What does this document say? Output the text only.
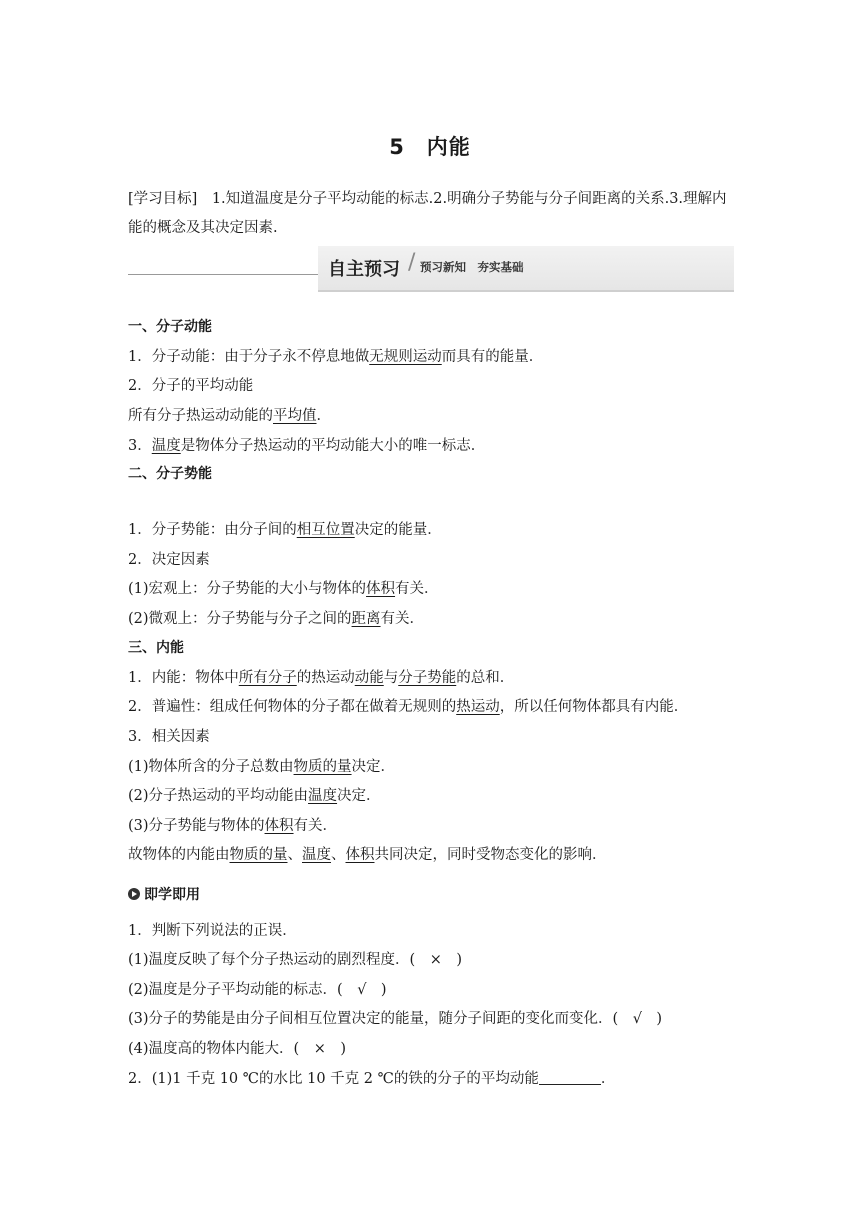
5　内能
[学习目标]　1.知道温度是分子平均动能的标志.2.明确分子势能与分子间距离的关系.3.理解内能的概念及其决定因素.
自主预习 / 预习新知　夯实基础
一、分子动能
1．分子动能：由于分子永不停息地做无规则运动而具有的能量．
2．分子的平均动能
所有分子热运动动能的平均值．
3．温度是物体分子热运动的平均动能大小的唯一标志．
二、分子势能
1．分子势能：由分子间的相互位置决定的能量．
2．决定因素
(1)宏观上：分子势能的大小与物体的体积有关．
(2)微观上：分子势能与分子之间的距离有关．
三、内能
1．内能：物体中所有分子的热运动动能与分子势能的总和．
2．普遍性：组成任何物体的分子都在做着无规则的热运动，所以任何物体都具有内能．
3．相关因素
(1)物体所含的分子总数由物质的量决定．
(2)分子热运动的平均动能由温度决定．
(3)分子势能与物体的体积有关．
故物体的内能由物质的量、温度、体积共同决定，同时受物态变化的影响．
即学即用
1．判断下列说法的正误．
(1)温度反映了每个分子热运动的剧烈程度．(　×　)
(2)温度是分子平均动能的标志．(　√　)
(3)分子的势能是由分子间相互位置决定的能量，随分子间距的变化而变化．(　√　)
(4)温度高的物体内能大．(　×　)
2．(1)1 千克 10 ℃的水比 10 千克 2 ℃的铁的分子的平均动能	．
